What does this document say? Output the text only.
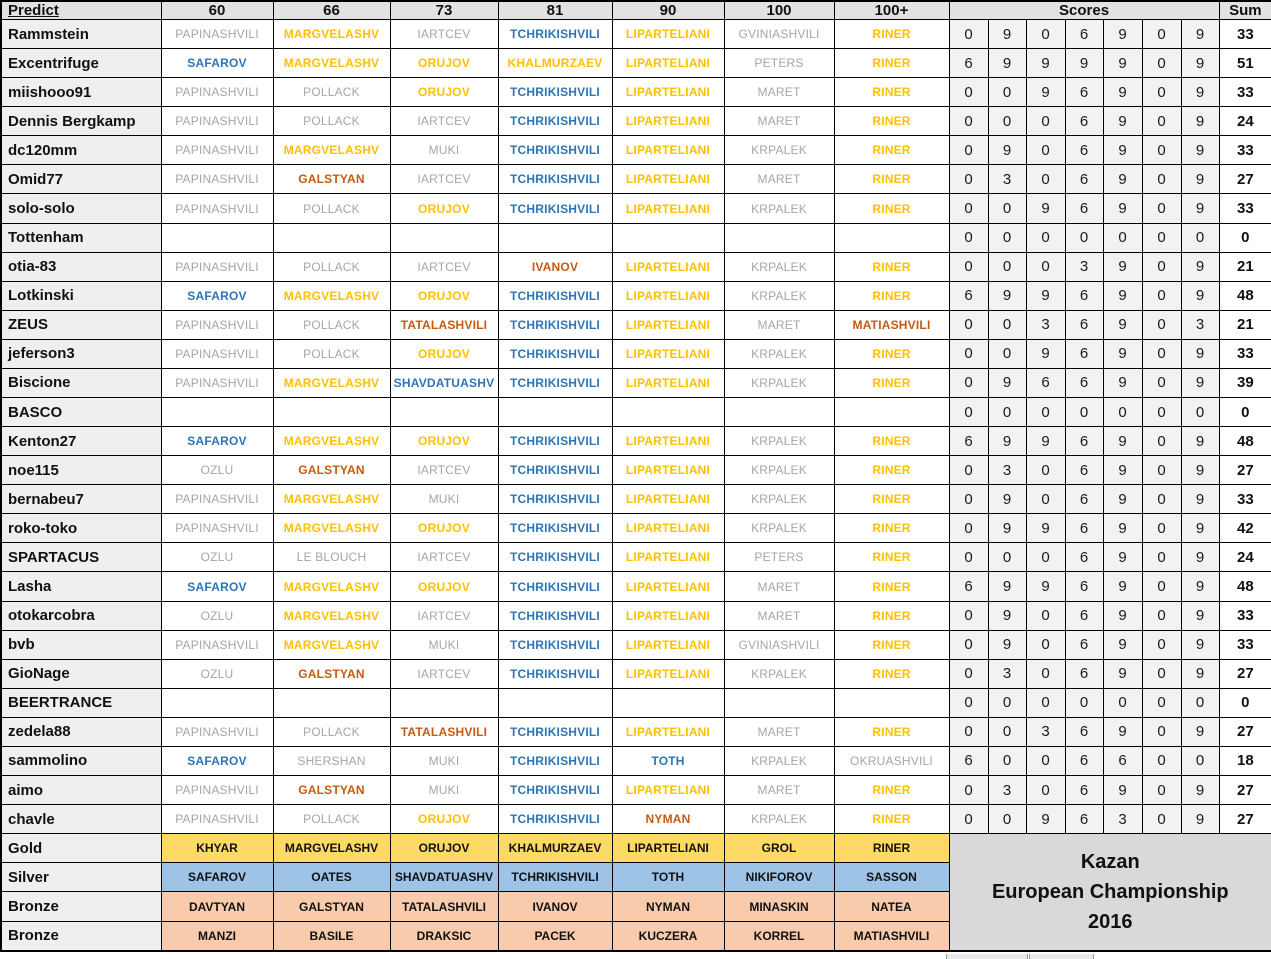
Predict	60	66	73	81	90	100	100+	Scores							Sum
Rammstein	PAPINASHVILI	MARGVELASHV	IARTCEV	TCHRIKISHVILI	LIPARTELIANI	GVINIASHVILI	RINER	0	9	0	6	9	0	9	33
Excentrifuge	SAFAROV	MARGVELASHV	ORUJOV	KHALMURZAEV	LIPARTELIANI	PETERS	RINER	6	9	9	9	9	0	9	51
miishooo91	PAPINASHVILI	POLLACK	ORUJOV	TCHRIKISHVILI	LIPARTELIANI	MARET	RINER	0	0	9	6	9	0	9	33
Dennis Bergkamp	PAPINASHVILI	POLLACK	IARTCEV	TCHRIKISHVILI	LIPARTELIANI	MARET	RINER	0	0	0	6	9	0	9	24
dc120mm	PAPINASHVILI	MARGVELASHV	MUKI	TCHRIKISHVILI	LIPARTELIANI	KRPALEK	RINER	0	9	0	6	9	0	9	33
Omid77	PAPINASHVILI	GALSTYAN	IARTCEV	TCHRIKISHVILI	LIPARTELIANI	MARET	RINER	0	3	0	6	9	0	9	27
solo-solo	PAPINASHVILI	POLLACK	ORUJOV	TCHRIKISHVILI	LIPARTELIANI	KRPALEK	RINER	0	0	9	6	9	0	9	33
Tottenham								0	0	0	0	0	0	0	0
otia-83	PAPINASHVILI	POLLACK	IARTCEV	IVANOV	LIPARTELIANI	KRPALEK	RINER	0	0	0	3	9	0	9	21
Lotkinski	SAFAROV	MARGVELASHV	ORUJOV	TCHRIKISHVILI	LIPARTELIANI	KRPALEK	RINER	6	9	9	6	9	0	9	48
ZEUS	PAPINASHVILI	POLLACK	TATALASHVILI	TCHRIKISHVILI	LIPARTELIANI	MARET	MATIASHVILI	0	0	3	6	9	0	3	21
jeferson3	PAPINASHVILI	POLLACK	ORUJOV	TCHRIKISHVILI	LIPARTELIANI	KRPALEK	RINER	0	0	9	6	9	0	9	33
Biscione	PAPINASHVILI	MARGVELASHV	SHAVDATUASHV	TCHRIKISHVILI	LIPARTELIANI	KRPALEK	RINER	0	9	6	6	9	0	9	39
BASCO								0	0	0	0	0	0	0	0
Kenton27	SAFAROV	MARGVELASHV	ORUJOV	TCHRIKISHVILI	LIPARTELIANI	KRPALEK	RINER	6	9	9	6	9	0	9	48
noe115	OZLU	GALSTYAN	IARTCEV	TCHRIKISHVILI	LIPARTELIANI	KRPALEK	RINER	0	3	0	6	9	0	9	27
bernabeu7	PAPINASHVILI	MARGVELASHV	MUKI	TCHRIKISHVILI	LIPARTELIANI	KRPALEK	RINER	0	9	0	6	9	0	9	33
roko-toko	PAPINASHVILI	MARGVELASHV	ORUJOV	TCHRIKISHVILI	LIPARTELIANI	KRPALEK	RINER	0	9	9	6	9	0	9	42
SPARTACUS	OZLU	LE BLOUCH	IARTCEV	TCHRIKISHVILI	LIPARTELIANI	PETERS	RINER	0	0	0	6	9	0	9	24
Lasha	SAFAROV	MARGVELASHV	ORUJOV	TCHRIKISHVILI	LIPARTELIANI	MARET	RINER	6	9	9	6	9	0	9	48
otokarcobra	OZLU	MARGVELASHV	IARTCEV	TCHRIKISHVILI	LIPARTELIANI	MARET	RINER	0	9	0	6	9	0	9	33
bvb	PAPINASHVILI	MARGVELASHV	MUKI	TCHRIKISHVILI	LIPARTELIANI	GVINIASHVILI	RINER	0	9	0	6	9	0	9	33
GioNage	OZLU	GALSTYAN	IARTCEV	TCHRIKISHVILI	LIPARTELIANI	KRPALEK	RINER	0	3	0	6	9	0	9	27
BEERTRANCE								0	0	0	0	0	0	0	0
zedela88	PAPINASHVILI	POLLACK	TATALASHVILI	TCHRIKISHVILI	LIPARTELIANI	MARET	RINER	0	0	3	6	9	0	9	27
sammolino	SAFAROV	SHERSHAN	MUKI	TCHRIKISHVILI	TOTH	KRPALEK	OKRUASHVILI	6	0	0	6	6	0	0	18
aimo	PAPINASHVILI	GALSTYAN	MUKI	TCHRIKISHVILI	LIPARTELIANI	MARET	RINER	0	3	0	6	9	0	9	27
chavle	PAPINASHVILI	POLLACK	ORUJOV	TCHRIKISHVILI	NYMAN	KRPALEK	RINER	0	0	9	6	3	0	9	27
Gold	KHYAR	MARGVELASHV	ORUJOV	KHALMURZAEV	LIPARTELIANI	GROL	RINER	Kazan
European Championship
2016							

Silver	SAFAROV	OATES	SHAVDATUASHV	TCHRIKISHVILI	TOTH	NIKIFOROV	SASSON								
Bronze	DAVTYAN	GALSTYAN	TATALASHVILI	IVANOV	NYMAN	MINASKIN	NATEA								
Bronze	MANZI	BASILE	DRAKSIC	PACEK	KUCZERA	KORREL	MATIASHVILI								
